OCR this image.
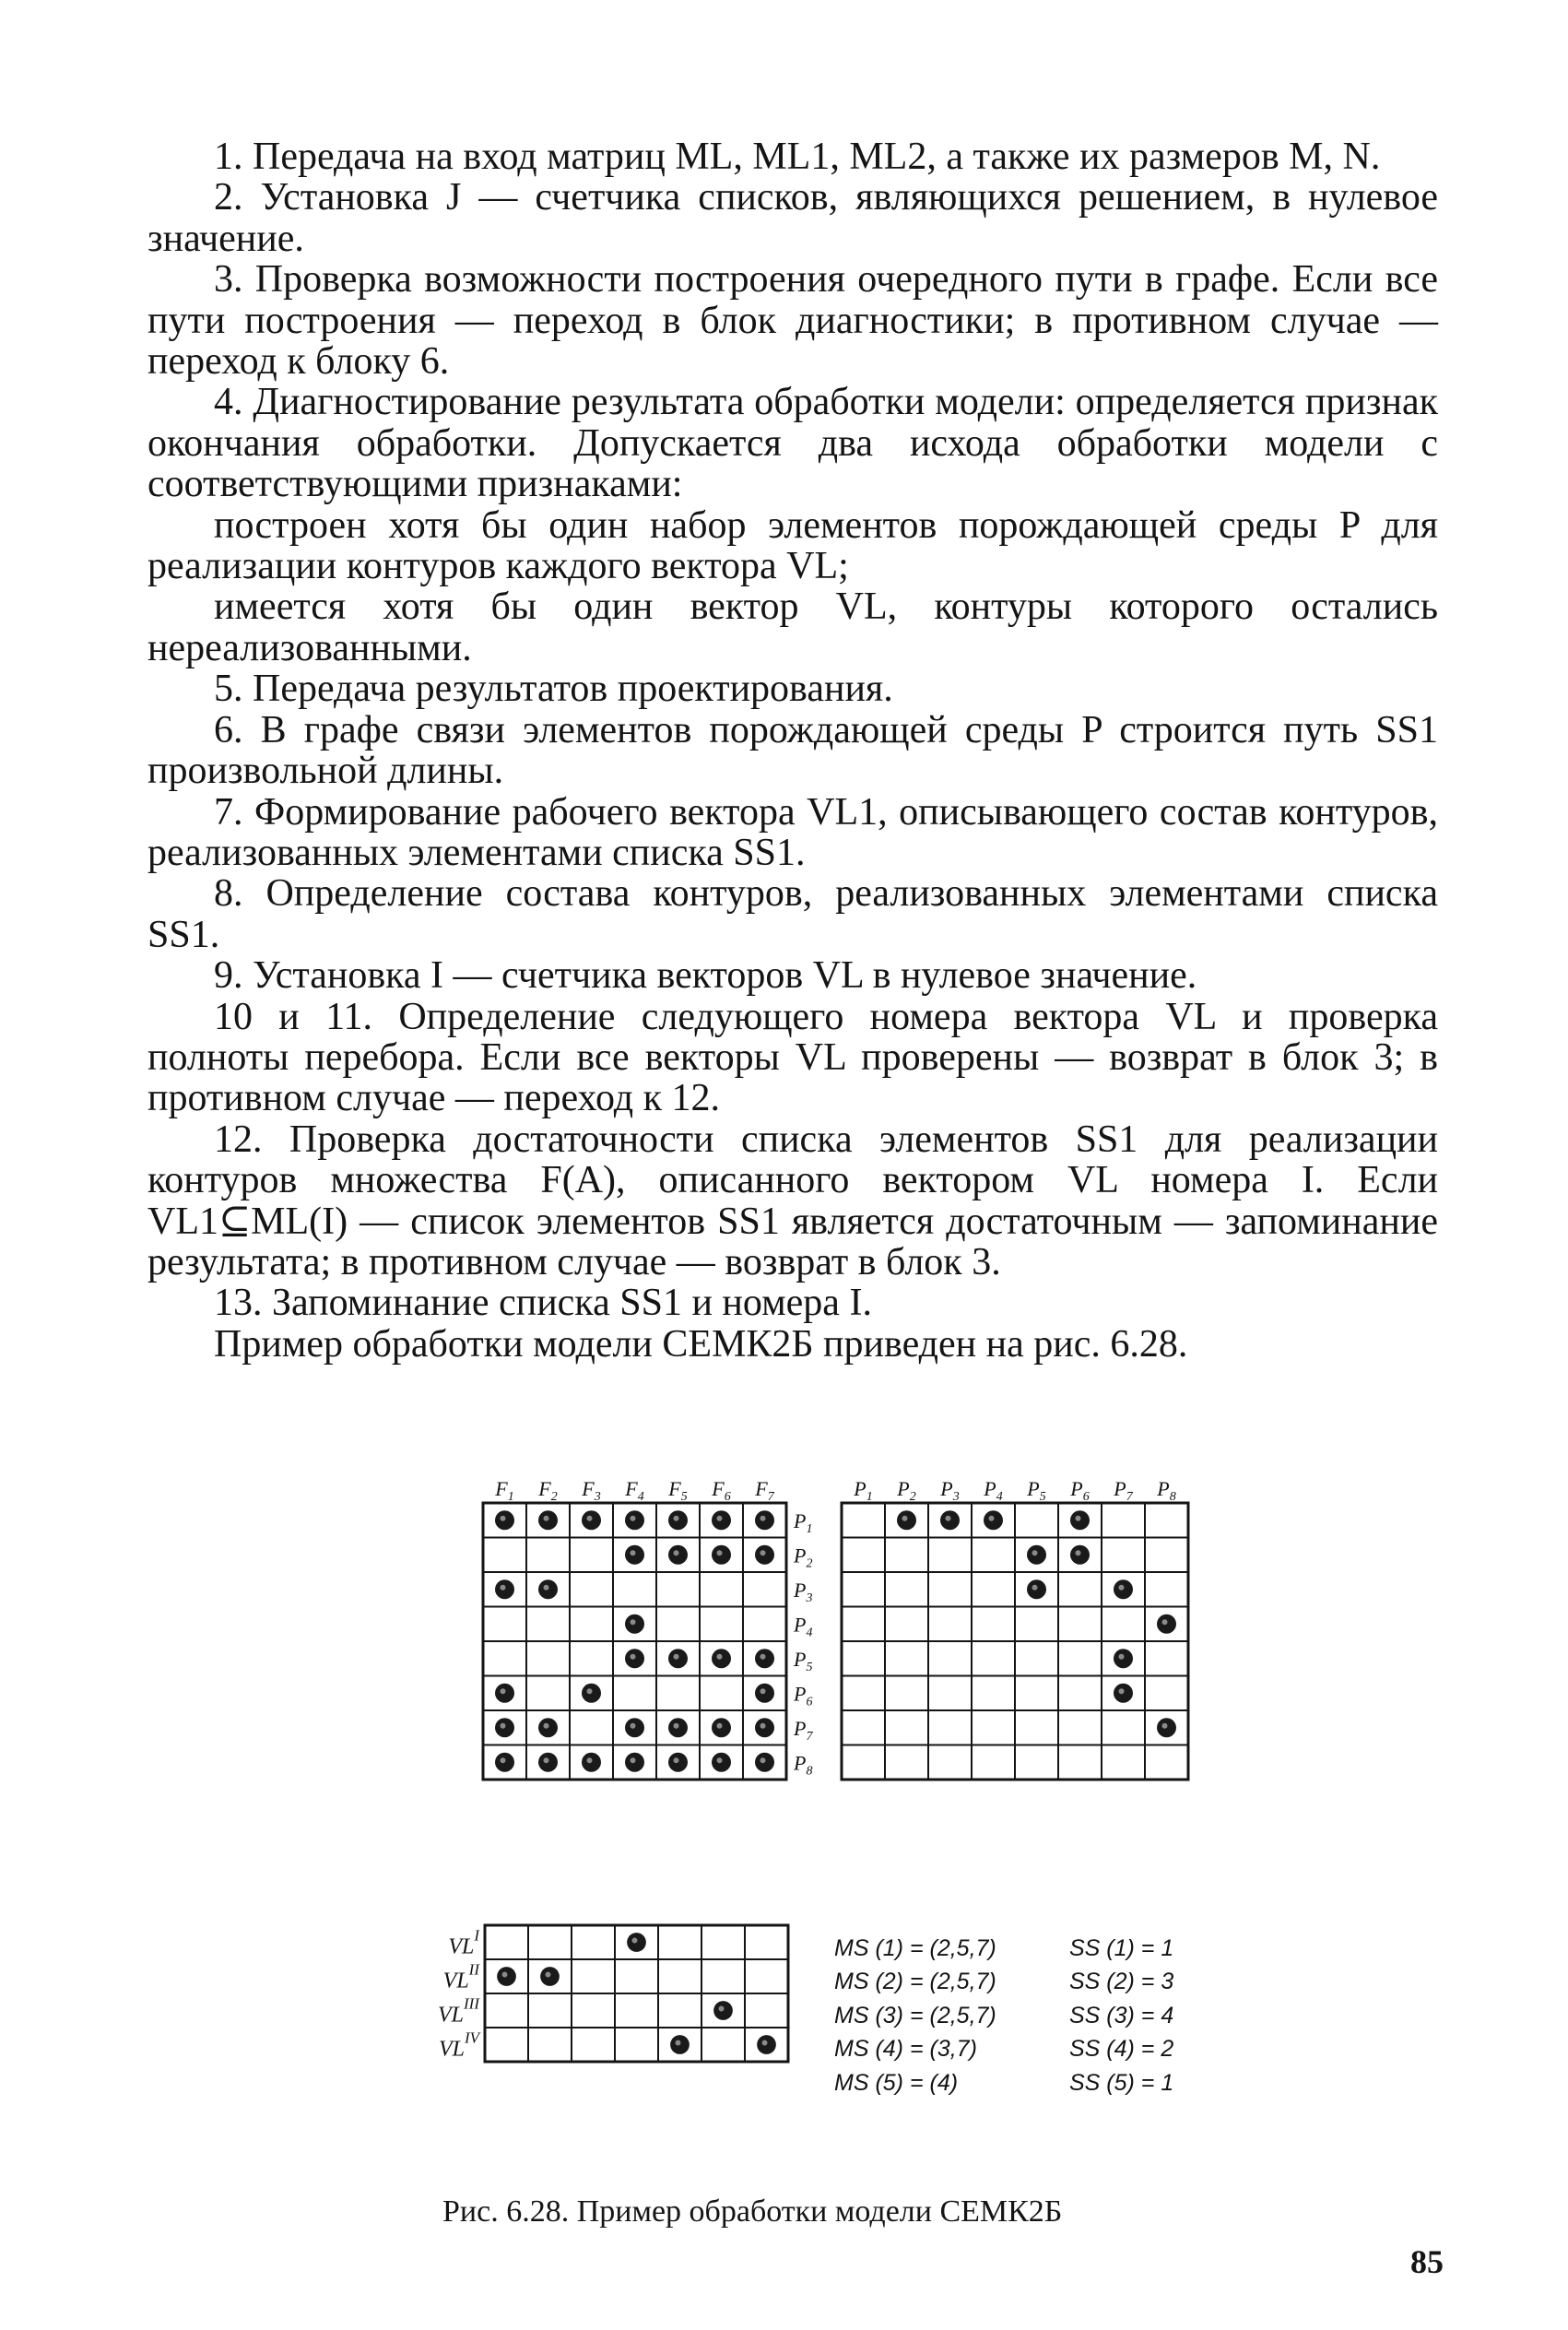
1. Передача на вход матриц ML, ML1, ML2, а также их размеров M, N.

2. Установка J — счетчика списков, являющихся решением, в нулевое значение.

3. Проверка возможности построения очередного пути в графе. Если все пути построения — переход в блок диагностики; в противном случае — переход к блоку 6.

4. Диагностирование результата обработки модели: определяется признак окончания обработки. Допускается два исхода обработки модели с соответствующими признаками:

построен хотя бы один набор элементов порождающей среды P для реализации контуров каждого вектора VL;

имеется хотя бы один вектор VL, контуры которого остались нереализованными.

5. Передача результатов проектирования.

6. В графе связи элементов порождающей среды P строится путь SS1 произвольной длины.

7. Формирование рабочего вектора VL1, описывающего состав контуров, реализованных элементами списка SS1.

8. Определение состава контуров, реализованных элементами списка SS1.

9. Установка I — счетчика векторов VL в нулевое значение.

10 и 11. Определение следующего номера вектора VL и проверка полноты перебора. Если все векторы VL проверены — возврат в блок 3; в противном случае — переход к 12.

12. Проверка достаточности списка элементов SS1 для реализации контуров множества F(A), описанного вектором VL номера I. Если VL1⊆ML(I) — список элементов SS1 является достаточным — запоминание результата; в противном случае — возврат в блок 3.

13. Запоминание списка SS1 и номера I.

Пример обработки модели СЕМК2Б приведен на рис. 6.28.

$F_1$ $F_2$ $F_3$ $F_4$ $F_5$ $F_6$ $F_7$	$P_1$ $P_2$ $P_3$ $P_4$ $P_5$ $P_6$ $P_7$ $P_8$
$P_1$
$P_2$
$P_3$
$P_4$
$P_5$
$P_6$
$P_7$
$P_8$
$VL^I$
$VL^{II}$
$VL^{III}$
$VL^{IV}$
MS (1) = (2,5,7)	SS (1) = 1
MS (2) = (2,5,7)	SS (2) = 3
MS (3) = (2,5,7)	SS (3) = 4
MS (4) = (3,7)	SS (4) = 2
MS (5) = (4)	SS (5) = 1
Рис. 6.28. Пример обработки модели СЕМК2Б
85
